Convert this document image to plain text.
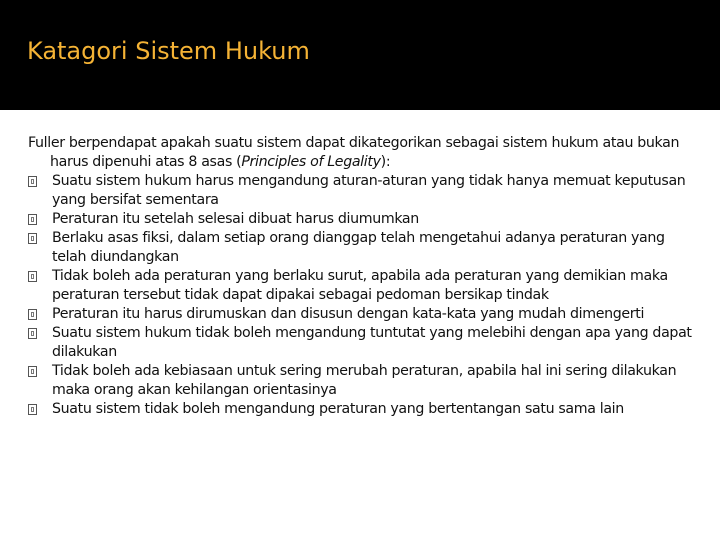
Katagori Sistem Hukum
Fuller berpendapat apakah suatu sistem dapat dikategorikan sebagai sistem hukum atau bukan harus dipenuhi atas 8 asas (Principles of Legality):
Suatu sistem hukum harus mengandung aturan-aturan yang tidak hanya memuat keputusan yang bersifat sementara
Peraturan itu setelah selesai dibuat harus diumumkan
Berlaku asas fiksi, dalam setiap orang dianggap telah mengetahui adanya peraturan yang telah diundangkan
Tidak boleh ada peraturan yang berlaku surut, apabila ada peraturan yang demikian maka peraturan tersebut tidak dapat dipakai sebagai pedoman bersikap tindak
Peraturan itu harus dirumuskan dan disusun dengan kata-kata yang mudah dimengerti
Suatu sistem hukum tidak boleh mengandung tuntutat yang melebihi dengan apa yang dapat dilakukan
Tidak boleh ada kebiasaan untuk sering merubah peraturan, apabila hal ini sering dilakukan maka orang akan kehilangan orientasinya
Suatu sistem tidak boleh mengandung peraturan yang bertentangan satu sama lain
